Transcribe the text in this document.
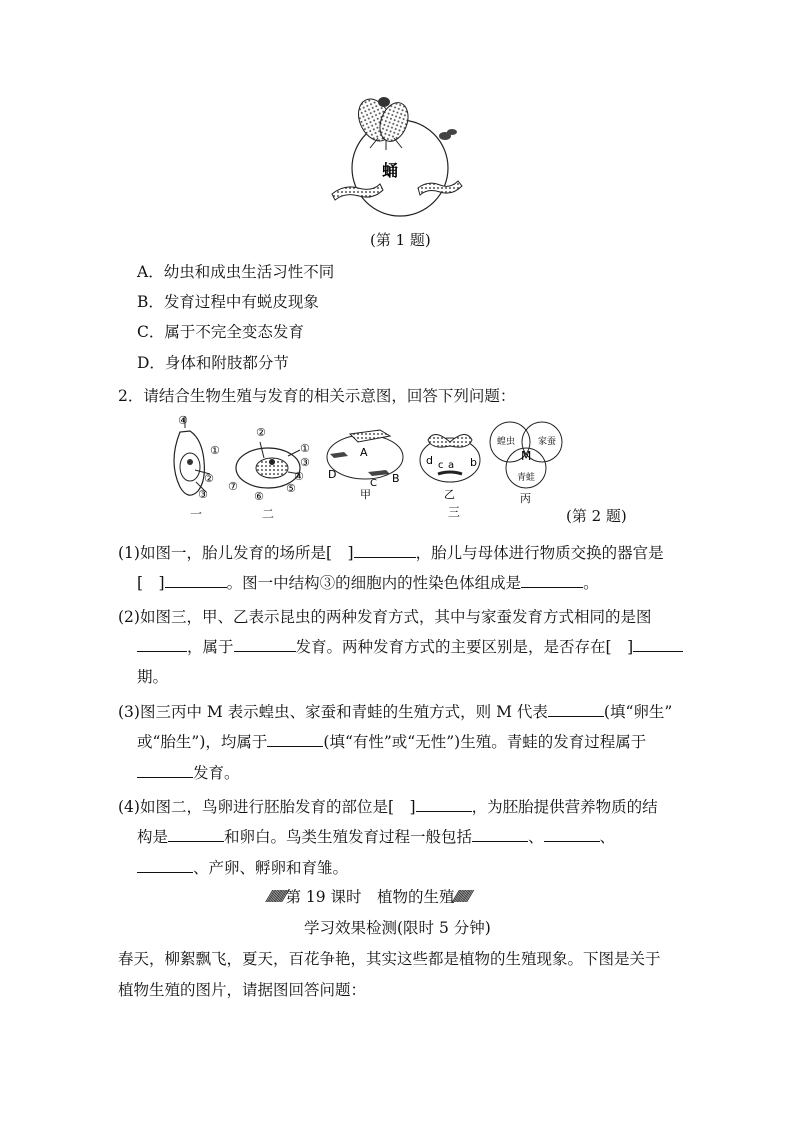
蛹
(第 1 题)
A．幼虫和成虫生活习性不同
B．发育过程中有蜕皮现象
C．属于不完全变态发育
D．身体和附肢都分节
2．请结合生物生殖与发育的相关示意图，回答下列问题：
④
①
②
③
一
②
①
③
④
⑤
⑥
⑦
二
A
C
D	B
甲
d c a b
乙
三
蝗虫	家蚕
青蛙
M
丙
(第 2 题)
(1)如图一，胎儿发育的场所是[　]	，胎儿与母体进行物质交换的器官是
[　]	。图一中结构③的细胞内的性染色体组成是	。
(2)如图三，甲、乙表示昆虫的两种发育方式，其中与家蚕发育方式相同的是图
，属于	发育。两种发育方式的主要区别是，是否存在[　]
期。
(3)图三丙中 M 表示蝗虫、家蚕和青蛙的生殖方式，则 M 代表	(填“卵生”
或“胎生”)，均属于	(填“有性”或“无性”)生殖。青蛙的发育过程属于
发育。
(4)如图二，鸟卵进行胚胎发育的部位是[　]	，为胚胎提供营养物质的结
构是	和卵白。鸟类生殖发育过程一般包括	、	、
、产卵、孵卵和育雏。
⁄⁄⁄⁄⁄⁄⁄⁄⁄⁄⁄第 19 课时　植物的生殖⁄⁄⁄⁄⁄⁄⁄⁄⁄⁄
学习效果检测(限时 5 分钟)
春天，柳絮飘飞，夏天，百花争艳，其实这些都是植物的生殖现象。下图是关于
植物生殖的图片，请据图回答问题：
